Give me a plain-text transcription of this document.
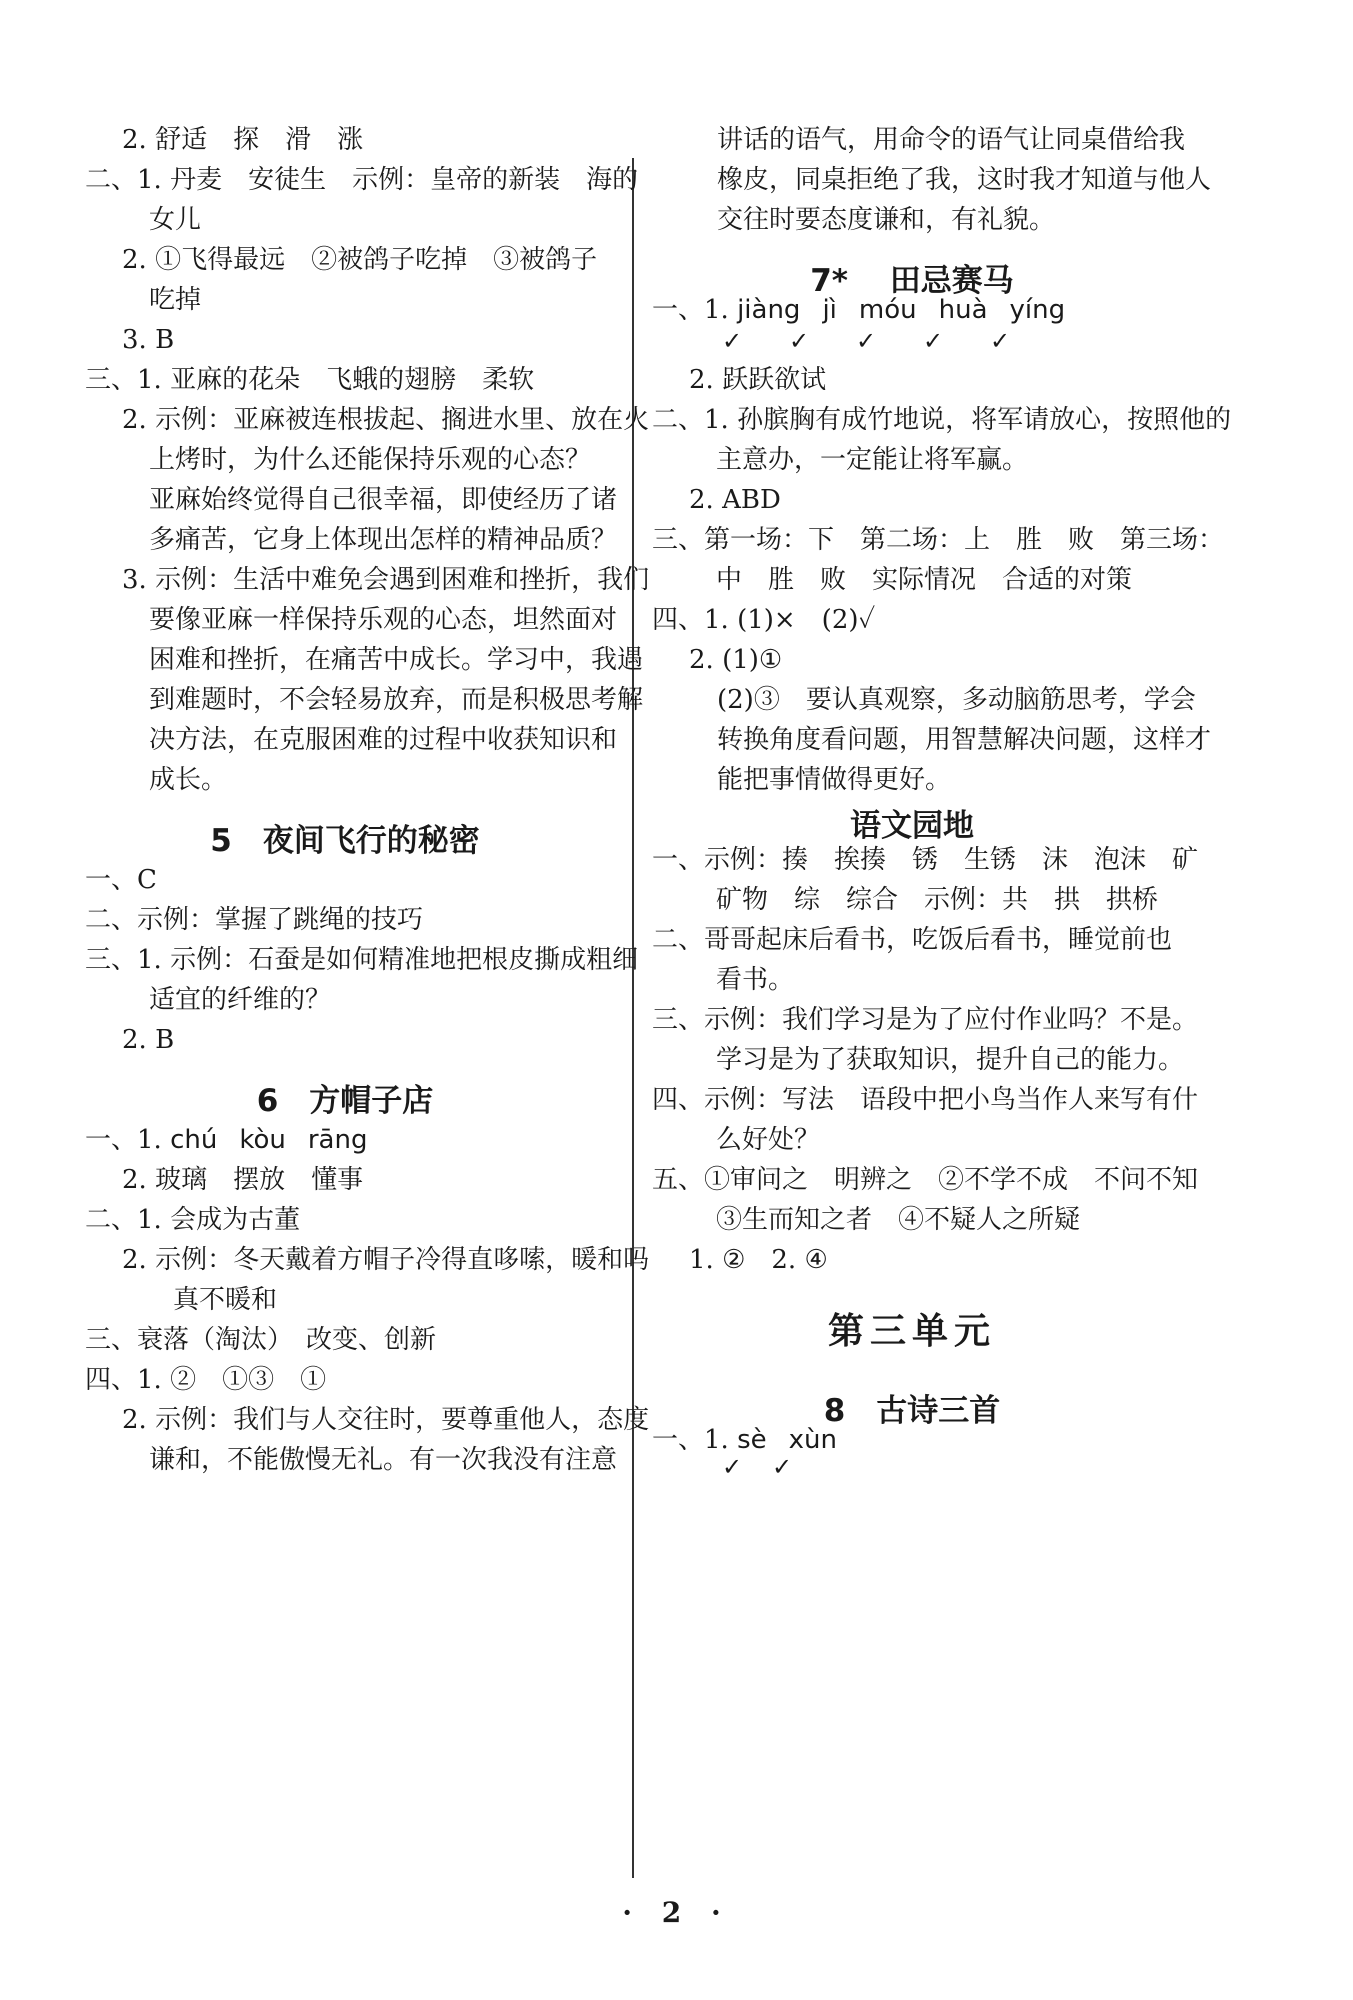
2. 舒适　探　滑　涨
二、1. 丹麦　安徒生　示例：皇帝的新装　海的
女儿
2. ①飞得最远　②被鸽子吃掉　③被鸽子
吃掉
3. B
三、1. 亚麻的花朵　飞蛾的翅膀　柔软
2. 示例：亚麻被连根拔起、搁进水里、放在火
上烤时，为什么还能保持乐观的心态？
亚麻始终觉得自己很幸福，即使经历了诸
多痛苦，它身上体现出怎样的精神品质？
3. 示例：生活中难免会遇到困难和挫折，我们
要像亚麻一样保持乐观的心态，坦然面对
困难和挫折，在痛苦中成长。学习中，我遇
到难题时，不会轻易放弃，而是积极思考解
决方法，在克服困难的过程中收获知识和
成长。
5　夜间飞行的秘密
一、C
二、示例：掌握了跳绳的技巧
三、1. 示例：石蚕是如何精准地把根皮撕成粗细
适宜的纤维的？
2. B
6　方帽子店
一、1. chú kòu rāng
2. 玻璃　摆放　懂事
二、1. 会成为古董
2. 示例：冬天戴着方帽子冷得直哆嗦，暖和吗
真不暖和
三、衰落（淘汰）　改变、创新
四、1. ②　①③　①
2. 示例：我们与人交往时，要尊重他人，态度
谦和，不能傲慢无礼。有一次我没有注意
讲话的语气，用命令的语气让同桌借给我
橡皮，同桌拒绝了我，这时我才知道与他人
交往时要态度谦和，有礼貌。
7* 　田忌赛马
一、1. jiàng jì móu huà yíng
✓ ✓ ✓ ✓ ✓
2. 跃跃欲试
二、1. 孙膑胸有成竹地说，将军请放心，按照他的
主意办，一定能让将军赢。
2. ABD
三、第一场：下　第二场：上　胜　败　第三场：
中　胜　败　实际情况　合适的对策
四、1. (1)×　(2)✓
2. (1)①
(2)③　要认真观察，多动脑筋思考，学会
转换角度看问题，用智慧解决问题，这样才
能把事情做得更好。
语文园地
一、示例：揍　挨揍　锈　生锈　沫　泡沫　矿
矿物　综　综合　示例：共　拱　拱桥
二、哥哥起床后看书，吃饭后看书，睡觉前也
看书。
三、示例：我们学习是为了应付作业吗？不是。
学习是为了获取知识，提升自己的能力。
四、示例：写法　语段中把小鸟当作人来写有什
么好处？
五、①审问之　明辨之　②不学不成　不问不知
③生而知之者　④不疑人之所疑
1. ②　2. ④
第三单元
8　古诗三首
一、1. sè xùn
✓ ✓
· 2 ·
